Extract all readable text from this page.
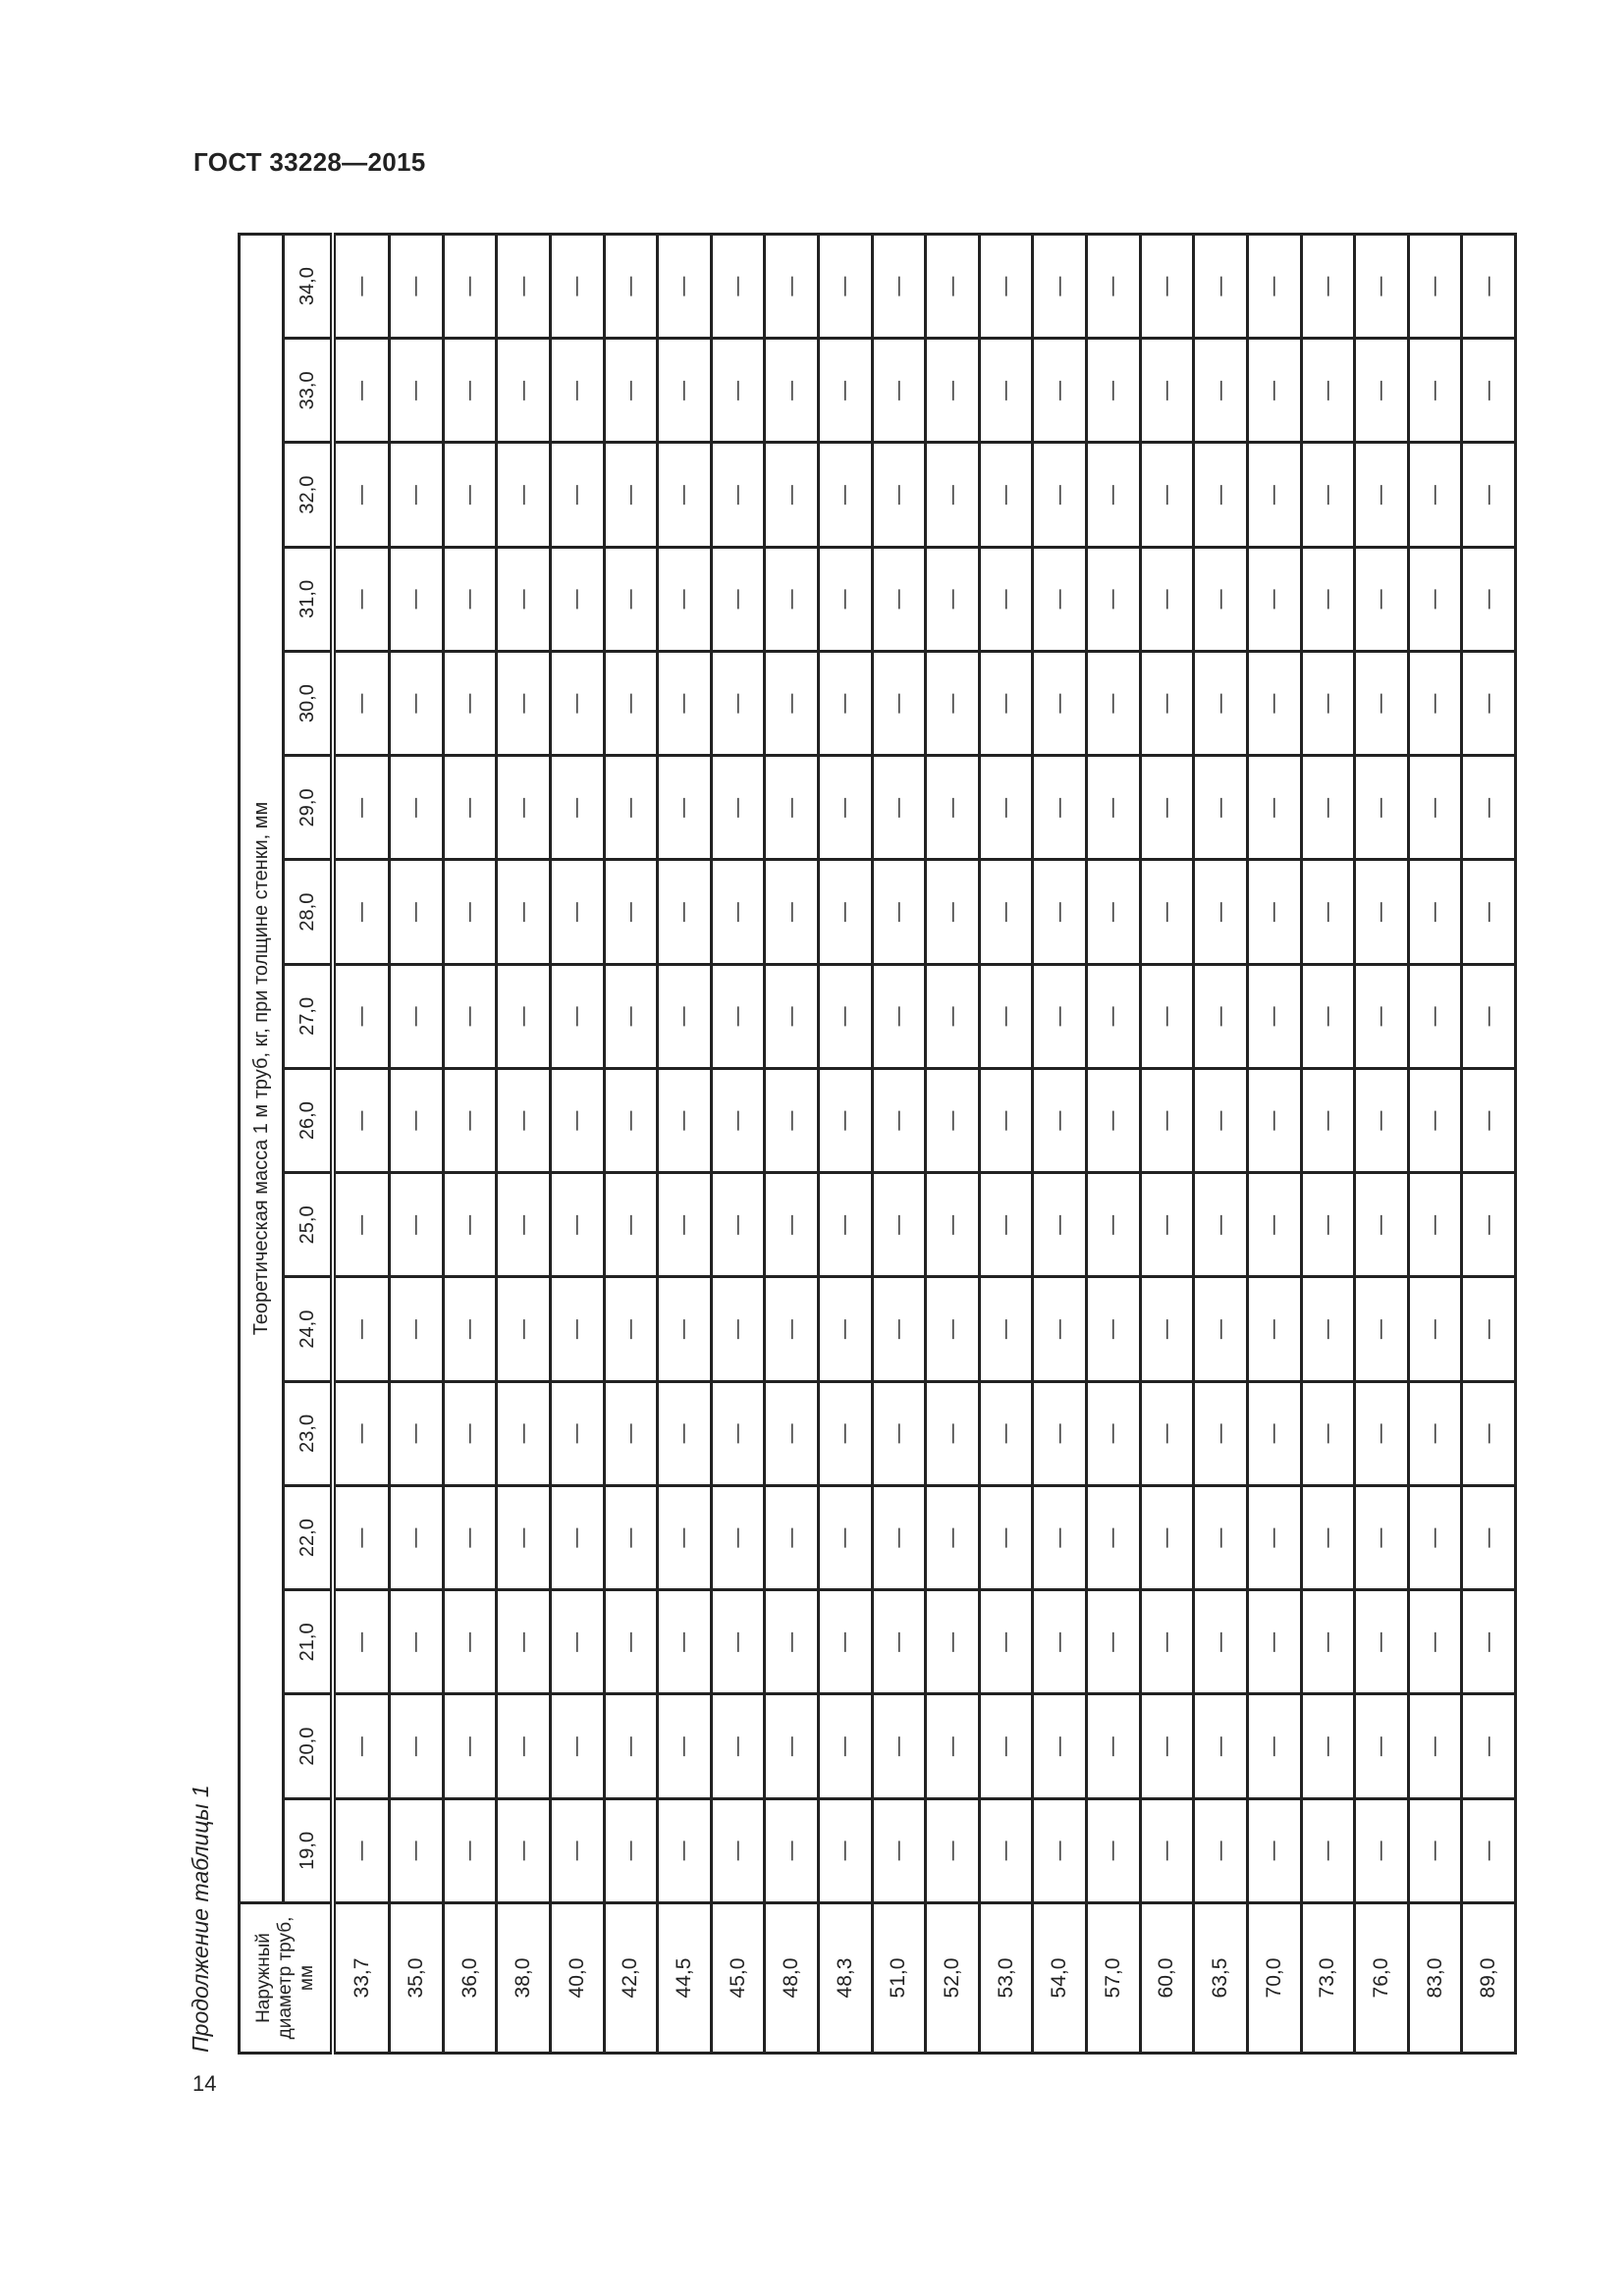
ГОСТ 33228—2015
Продолжение таблицы 1	Наружный диаметр труб, мм	Теоретическая масса 1 м труб, кг, при толщине стенки, мм															
	19,0	20,0	21,0	22,0	23,0	24,0	25,0	26,0	27,0	28,0	29,0	30,0	31,0	32,0	33,0	34,0
33,7	—	—	—	—	—	—	—	—	—	—	—	—	—	—	—	—
35,0	—	—	—	—	—	—	—	—	—	—	—	—	—	—	—	—
36,0	—	—	—	—	—	—	—	—	—	—	—	—	—	—	—	—
38,0	—	—	—	—	—	—	—	—	—	—	—	—	—	—	—	—
40,0	—	—	—	—	—	—	—	—	—	—	—	—	—	—	—	—
42,0	—	—	—	—	—	—	—	—	—	—	—	—	—	—	—	—
44,5	—	—	—	—	—	—	—	—	—	—	—	—	—	—	—	—
45,0	—	—	—	—	—	—	—	—	—	—	—	—	—	—	—	—
48,0	—	—	—	—	—	—	—	—	—	—	—	—	—	—	—	—
48,3	—	—	—	—	—	—	—	—	—	—	—	—	—	—	—	—
51,0	—	—	—	—	—	—	—	—	—	—	—	—	—	—	—	—
52,0	—	—	—	—	—	—	—	—	—	—	—	—	—	—	—	—
53,0	—	—	—	—	—	—	—	—	—	—	—	—	—	—	—	—
54,0	—	—	—	—	—	—	—	—	—	—	—	—	—	—	—	—
57,0	—	—	—	—	—	—	—	—	—	—	—	—	—	—	—	—
60,0	—	—	—	—	—	—	—	—	—	—	—	—	—	—	—	—
63,5	—	—	—	—	—	—	—	—	—	—	—	—	—	—	—	—
70,0	—	—	—	—	—	—	—	—	—	—	—	—	—	—	—	—
73,0	—	—	—	—	—	—	—	—	—	—	—	—	—	—	—	—
76,0	—	—	—	—	—	—	—	—	—	—	—	—	—	—	—	—
83,0	—	—	—	—	—	—	—	—	—	—	—	—	—	—	—	—
89,0	—	—	—	—	—	—	—	—	—	—	—	—	—	—	—	—
14
